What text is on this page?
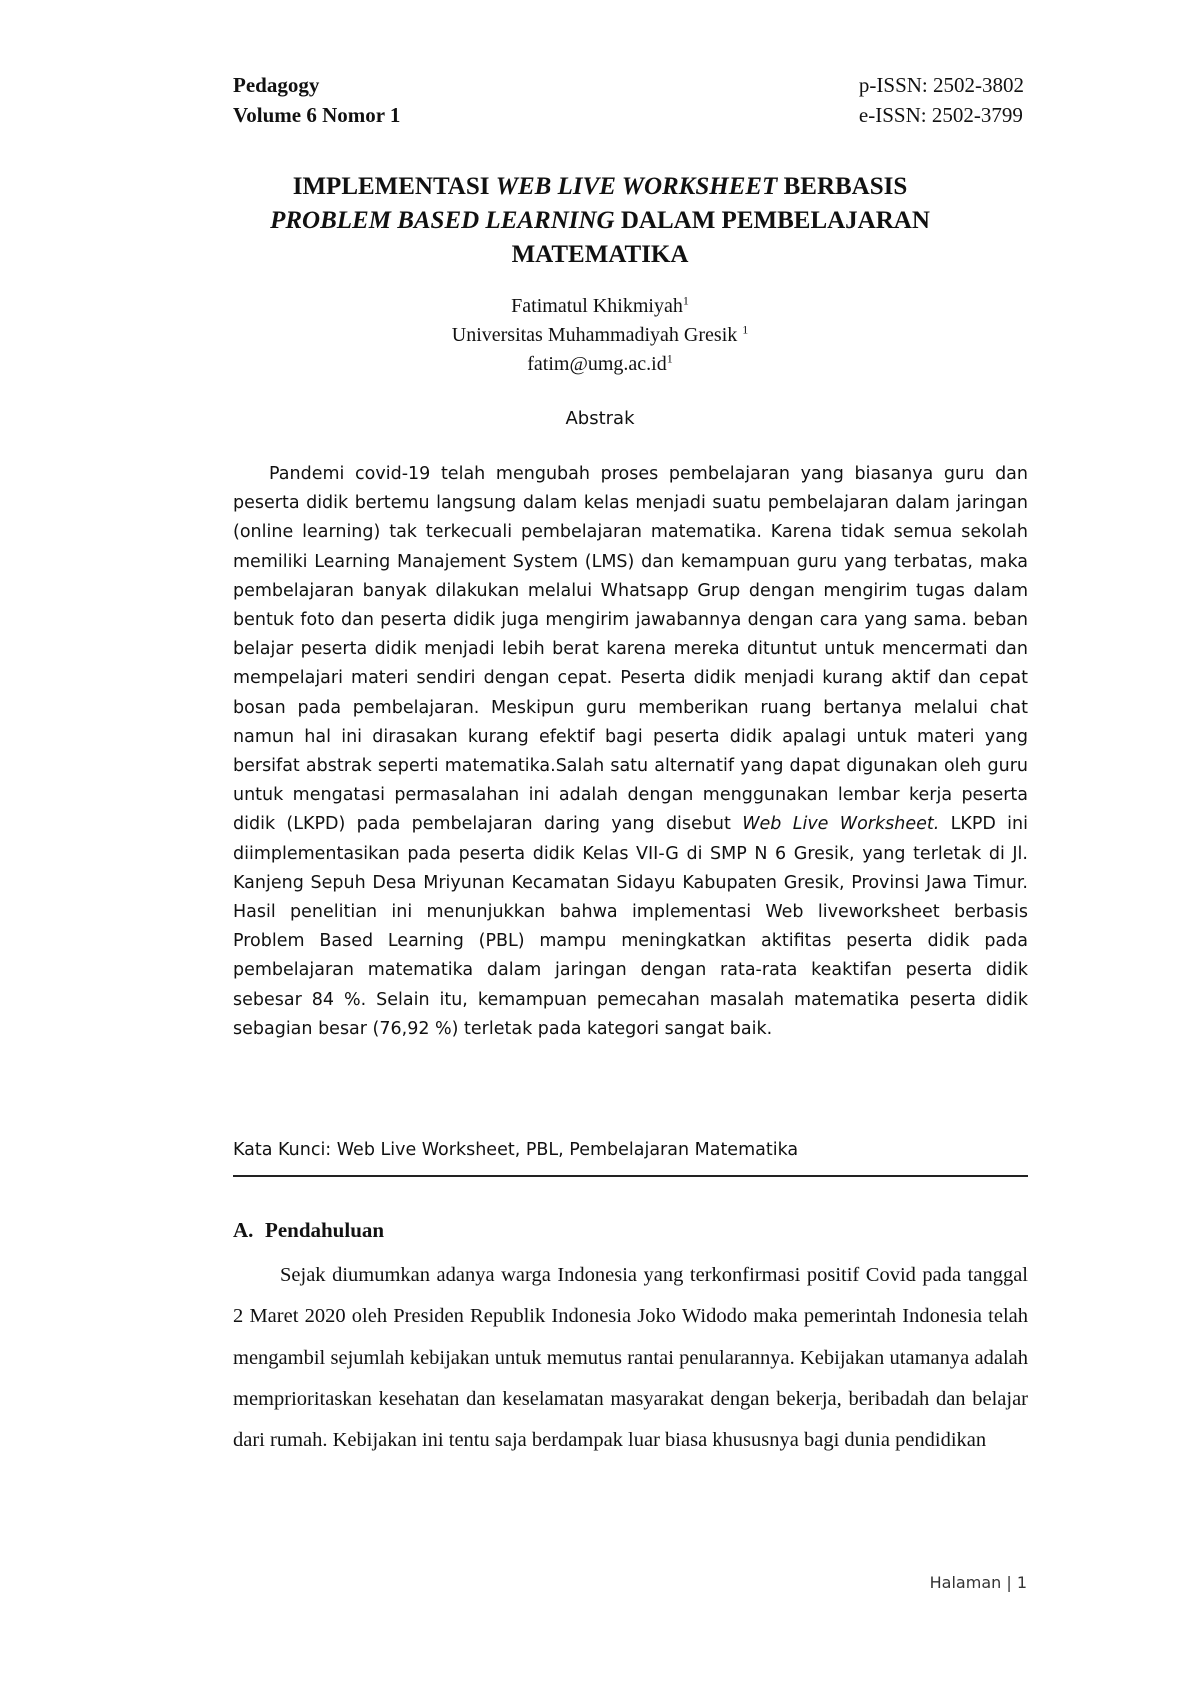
Pedagogy
Volume 6 Nomor 1
p-ISSN: 2502-3802
e-ISSN: 2502-3799
IMPLEMENTASI WEB LIVE WORKSHEET BERBASIS
PROBLEM BASED LEARNING DALAM PEMBELAJARAN
MATEMATIKA
Fatimatul Khikmiyah$^1$
Universitas Muhammadiyah Gresik $^1$
$fatim@umg.ac.id^1$
Abstrak

Pandemi covid-19 telah mengubah proses pembelajaran yang biasanya guru dan peserta didik bertemu langsung dalam kelas menjadi suatu pembelajaran dalam jaringan (online learning) tak terkecuali pembelajaran matematika. Karena tidak semua sekolah memiliki Learning Manajement System (LMS) dan kemampuan guru yang terbatas, maka pembelajaran banyak dilakukan melalui Whatsapp Grup dengan mengirim tugas dalam bentuk foto dan peserta didik juga mengirim jawabannya dengan cara yang sama. beban belajar peserta didik menjadi lebih berat karena mereka dituntut untuk mencermati dan mempelajari materi sendiri dengan cepat. Peserta didik menjadi kurang aktif dan cepat bosan pada pembelajaran. Meskipun guru memberikan ruang bertanya melalui chat namun hal ini dirasakan kurang efektif bagi peserta didik apalagi untuk materi yang bersifat abstrak seperti matematika.Salah satu alternatif yang dapat digunakan oleh guru untuk mengatasi permasalahan ini adalah dengan menggunakan lembar kerja peserta didik (LKPD) pada pembelajaran daring yang disebut Web Live Worksheet. LKPD ini diimplementasikan pada peserta didik Kelas VII-G di SMP N 6 Gresik, yang terletak di Jl. Kanjeng Sepuh Desa Mriyunan Kecamatan Sidayu Kabupaten Gresik, Provinsi Jawa Timur. Hasil penelitian ini menunjukkan bahwa implementasi Web liveworksheet berbasis Problem Based Learning (PBL) mampu meningkatkan aktifitas peserta didik pada pembelajaran matematika dalam jaringan dengan rata-rata keaktifan peserta didik sebesar 84 %. Selain itu, kemampuan pemecahan masalah matematika peserta didik sebagian besar (76,92 %) terletak pada kategori sangat baik.

Kata Kunci: Web Live Worksheet, PBL, Pembelajaran Matematika
A. Pendahuluan

Sejak diumumkan adanya warga Indonesia yang terkonfirmasi positif Covid pada tanggal 2 Maret 2020 oleh Presiden Republik Indonesia Joko Widodo maka pemerintah Indonesia telah mengambil sejumlah kebijakan untuk memutus rantai penularannya. Kebijakan utamanya adalah memprioritaskan kesehatan dan keselamatan masyarakat dengan bekerja, beribadah dan belajar dari rumah. Kebijakan ini tentu saja berdampak luar biasa khususnya bagi dunia pendidikan

Halaman | 1
